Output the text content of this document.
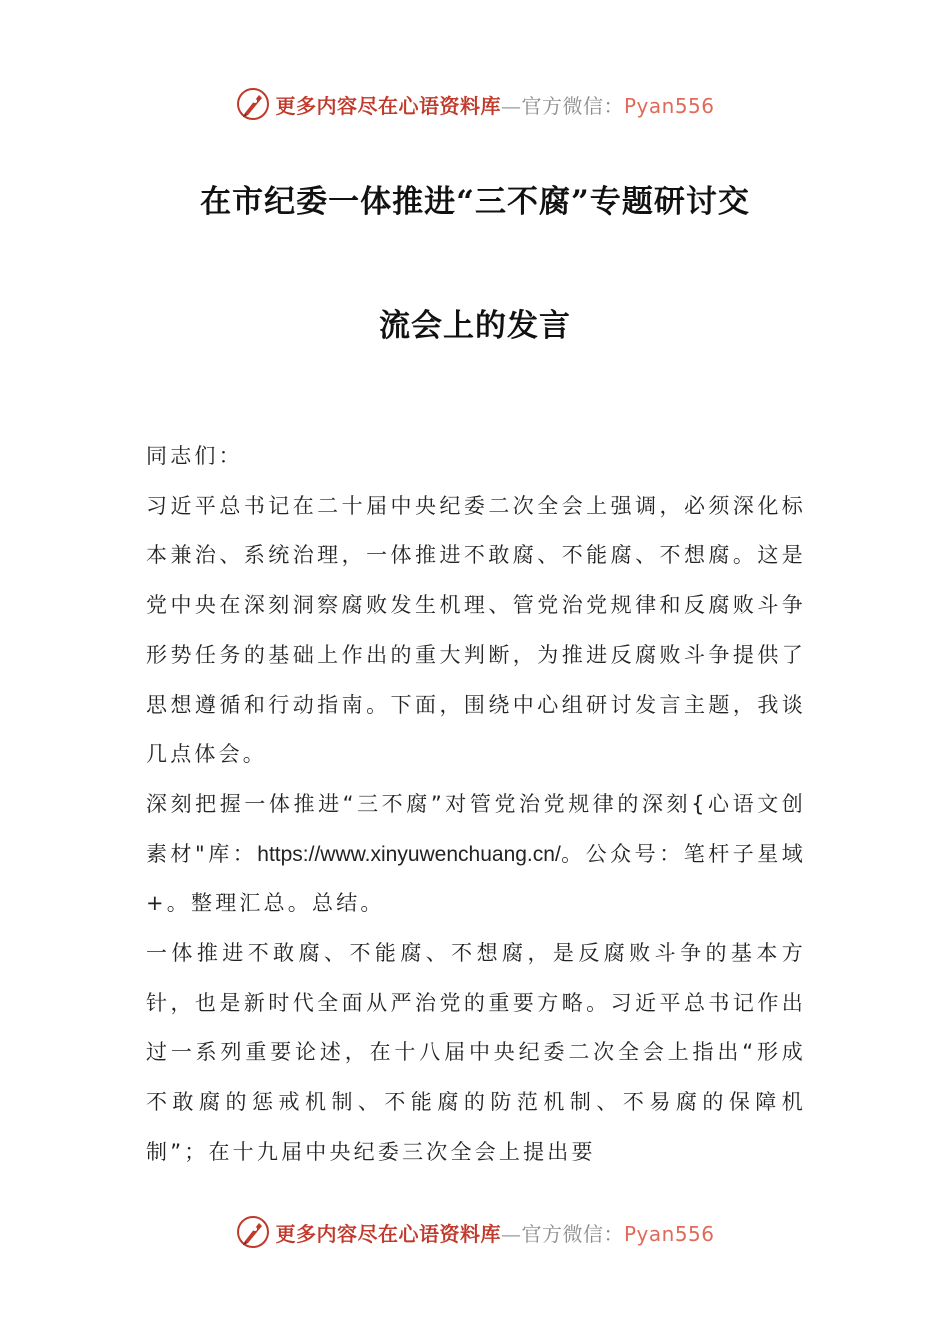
更多内容尽在心语资料库—官方微信：Pyan556
在市纪委一体推进“三不腐”专题研讨交
流会上的发言

同志们：

习近平总书记在二十届中央纪委二次全会上强调，必须深化标本兼治、系统治理，一体推进不敢腐、不能腐、不想腐。这是党中央在深刻洞察腐败发生机理、管党治党规律和反腐败斗争形势任务的基础上作出的重大判断，为推进反腐败斗争提供了思想遵循和行动指南。下面，围绕中心组研讨发言主题，我谈几点体会。

深刻把握一体推进“三不腐”对管党治党规律的深刻{心语文创素材"库：https://www.xinyuwenchuang.cn/。公众号：笔杆子星域+。整理汇总。总结。

一体推进不敢腐、不能腐、不想腐，是反腐败斗争的基本方针，也是新时代全面从严治党的重要方略。习近平总书记作出过一系列重要论述，在十八届中央纪委二次全会上指出“形成不敢腐的惩戒机制、不能腐的防范机制、不易腐的保障机制”；在十九届中央纪委三次全会上提出要

更多内容尽在心语资料库—官方微信：Pyan556
